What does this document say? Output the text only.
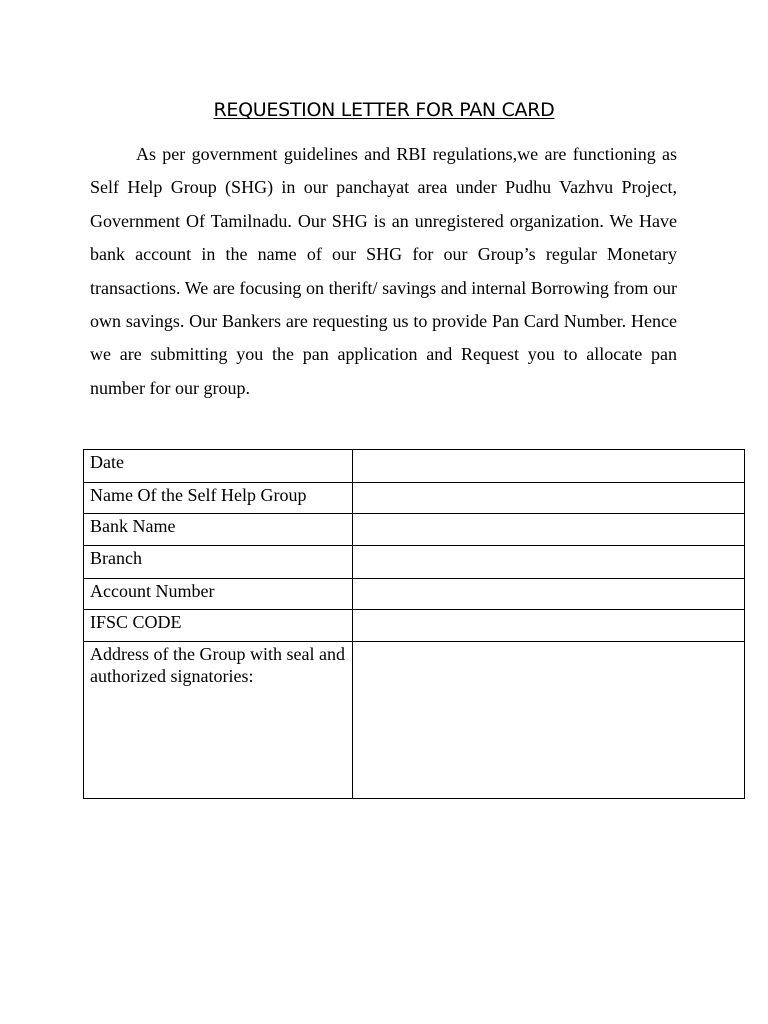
REQUESTION LETTER FOR PAN CARD

As per government guidelines and RBI regulations,we are functioning as Self Help Group (SHG) in our panchayat area under Pudhu Vazhvu Project, Government Of Tamilnadu. Our SHG is an unregistered organization. We Have bank account in the name of our SHG for our Group’s regular Monetary transactions. We are focusing on therift/ savings and internal Borrowing from our own savings. Our Bankers are requesting us to provide Pan Card Number. Hence we are submitting you the pan application and Request you to allocate pan number for our group.

Date	
Name Of the Self Help Group	
Bank Name	
Branch	
Account Number	
IFSC CODE	
Address of the Group with seal and authorized signatories:	
